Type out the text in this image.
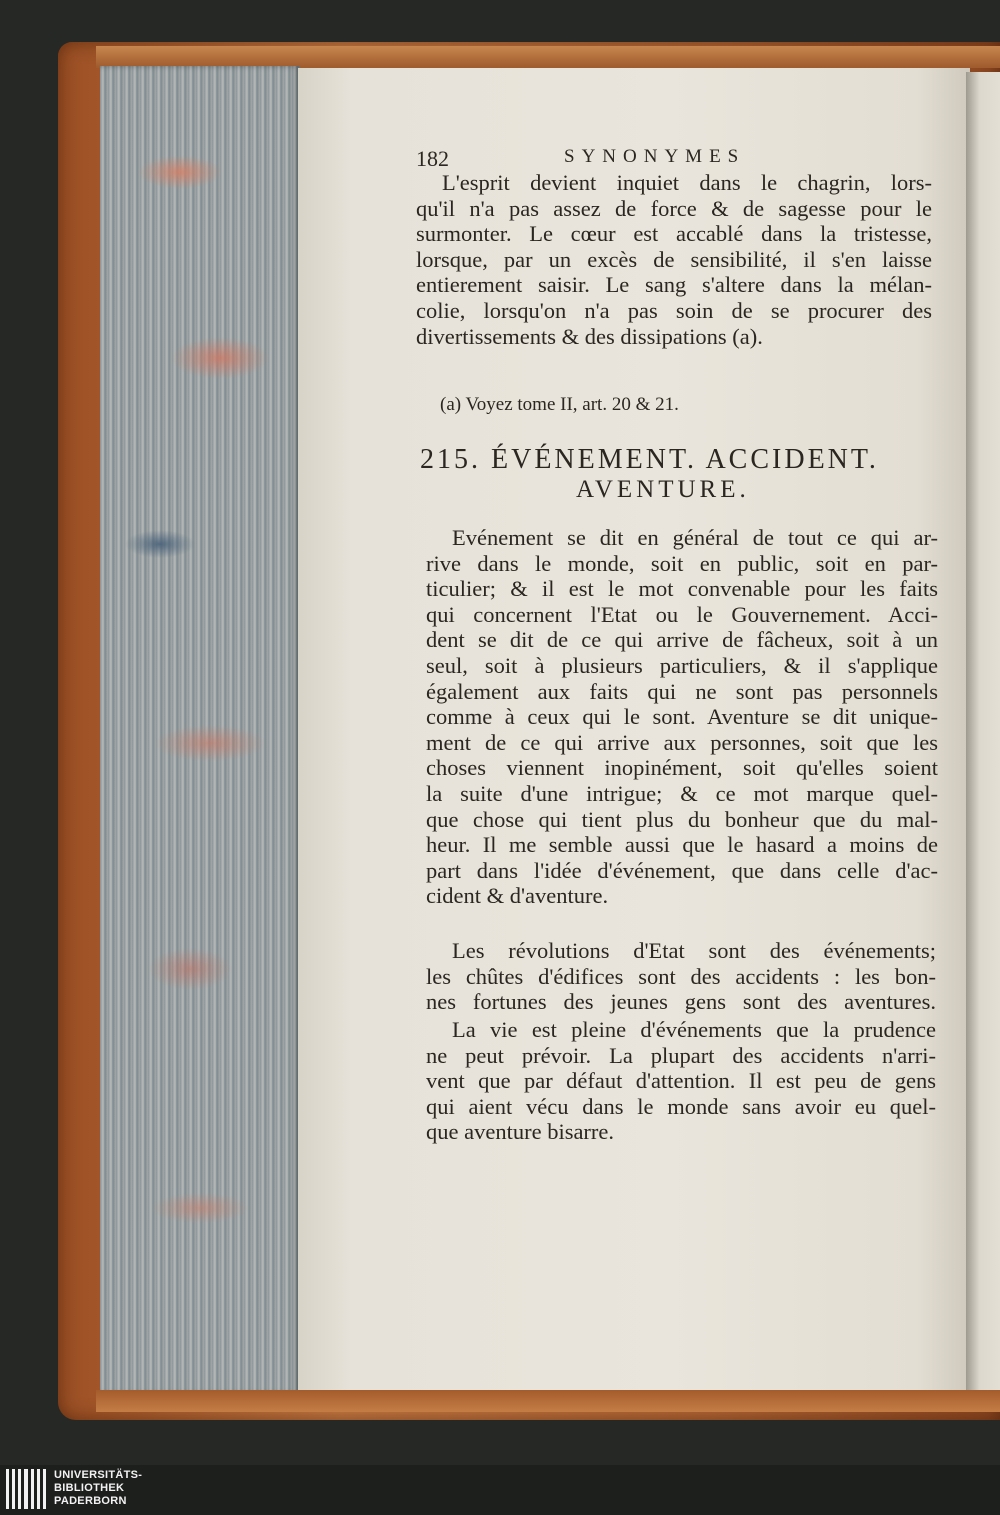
182	SYNONYMES
L'esprit devient inquiet dans le chagrin, lors-
qu'il n'a pas assez de force & de sagesse pour le
surmonter. Le cœur est accablé dans la tristesse,
lorsque, par un excès de sensibilité, il s'en laisse
entierement saisir. Le sang s'altere dans la mélan-
colie, lorsqu'on n'a pas soin de se procurer des
divertissements & des dissipations (a).
(a) Voyez tome II, art. 20 & 21.
215. ÉVÉNEMENT. ACCIDENT.
AVENTURE.
Evénement se dit en général de tout ce qui ar-
rive dans le monde, soit en public, soit en par-
ticulier; & il est le mot convenable pour les faits
qui concernent l'Etat ou le Gouvernement. Acci-
dent se dit de ce qui arrive de fâcheux, soit à un
seul, soit à plusieurs particuliers, & il s'applique
également aux faits qui ne sont pas personnels
comme à ceux qui le sont. Aventure se dit unique-
ment de ce qui arrive aux personnes, soit que les
choses viennent inopinément, soit qu'elles soient
la suite d'une intrigue; & ce mot marque quel-
que chose qui tient plus du bonheur que du mal-
heur. Il me semble aussi que le hasard a moins de
part dans l'idée d'événement, que dans celle d'ac-
cident & d'aventure.
Les révolutions d'Etat sont des événements;
les chûtes d'édifices sont des accidents : les bon-
nes fortunes des jeunes gens sont des aventures.
La vie est pleine d'événements que la prudence
ne peut prévoir. La plupart des accidents n'arri-
vent que par défaut d'attention. Il est peu de gens
qui aient vécu dans le monde sans avoir eu quel-
que aventure bisarre.
UNIVERSITÄTS-
BIBLIOTHEK
PADERBORN
